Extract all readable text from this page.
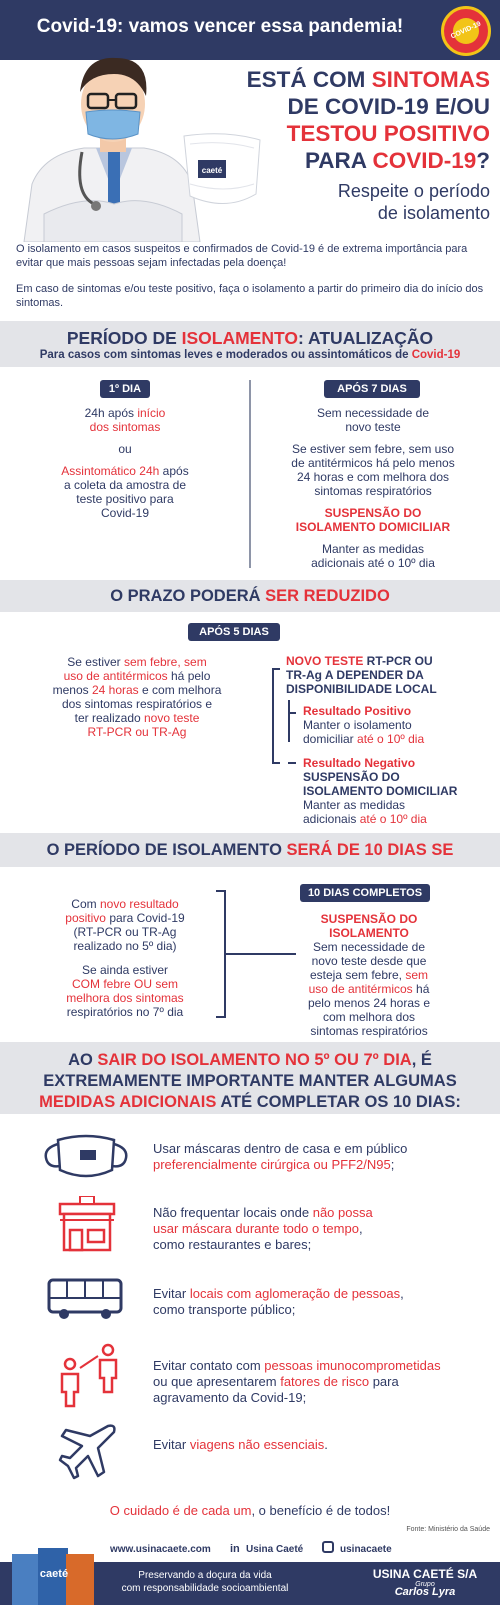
Covid-19: vamos vencer essa pandemia!	COVID-19
caeté
ESTÁ COM SINTOMAS
DE COVID-19 E/OU
TESTOU POSITIVO
PARA COVID-19?
Respeite o período
de isolamento
O isolamento em casos suspeitos e confirmados de Covid-19 é de extrema importância para evitar que mais pessoas sejam infectadas pela doença!
Em caso de sintomas e/ou teste positivo, faça o isolamento a partir do primeiro dia do início dos sintomas.
PERÍODO DE ISOLAMENTO: ATUALIZAÇÃO
Para casos com sintomas leves e moderados ou assintomáticos de Covid-19
1º DIA
24h após início
dos sintomas
ou
Assintomático 24h após
a coleta da amostra de
teste positivo para
Covid-19
APÓS 7 DIAS
Sem necessidade de
novo teste
Se estiver sem febre, sem uso
de antitérmicos há pelo menos
24 horas e com melhora dos
sintomas respiratórios
SUSPENSÃO DO
ISOLAMENTO DOMICILIAR
Manter as medidas
adicionais até o 10º dia
O PRAZO PODERÁ SER REDUZIDO
APÓS 5 DIAS
Se estiver sem febre, sem
uso de antitérmicos há pelo
menos 24 horas e com melhora
dos sintomas respiratórios e
ter realizado novo teste
RT-PCR ou TR-Ag
NOVO TESTE RT-PCR OU
TR-Ag A DEPENDER DA
DISPONIBILIDADE LOCAL
Resultado Positivo
Manter o isolamento
domiciliar até o 10º dia
Resultado Negativo
SUSPENSÃO DO
ISOLAMENTO DOMICILIAR
Manter as medidas
adicionais até o 10º dia
O PERÍODO DE ISOLAMENTO SERÁ DE 10 DIAS SE
Com novo resultado
positivo para Covid-19
(RT-PCR ou TR-Ag
realizado no 5º dia)
Se ainda estiver
COM febre OU sem
melhora dos sintomas
respiratórios no 7º dia
10 DIAS COMPLETOS
SUSPENSÃO DO
ISOLAMENTO
Sem necessidade de
novo teste desde que
esteja sem febre, sem
uso de antitérmicos há
pelo menos 24 horas e
com melhora dos
sintomas respiratórios
AO SAIR DO ISOLAMENTO NO 5º OU 7º DIA, É
EXTREMAMENTE IMPORTANTE MANTER ALGUMAS
MEDIDAS ADICIONAIS ATÉ COMPLETAR OS 10 DIAS:
Usar máscaras dentro de casa e em público
preferencialmente cirúrgica ou PFF2/N95;
Não frequentar locais onde não possa
usar máscara durante todo o tempo,
como restaurantes e bares;
Evitar locais com aglomeração de pessoas,
como transporte público;
Evitar contato com pessoas imunocomprometidas
ou que apresentarem fatores de risco para
agravamento da Covid-19;
Evitar viagens não essenciais.
O cuidado é de cada um, o benefício é de todos!
Fonte: Ministério da Saúde
www.usinacaete.com in Usina Caeté	usinacaete
caeté	Preservando a doçura da vida
com responsabilidade socioambiental
USINA CAETÉ S/A
Grupo
Carlos Lyra
